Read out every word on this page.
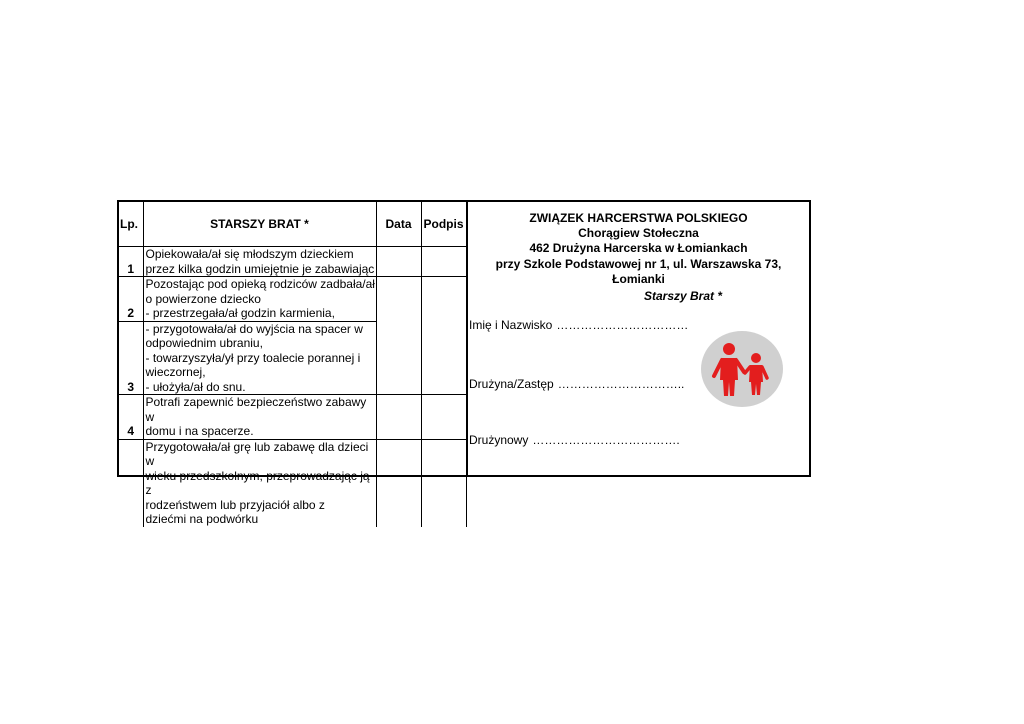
Lp.	STARSZY BRAT *	Data	Podpis
1	Opiekowała/ał się młodszym dzieckiem
przez kilka godzin umiejętnie je zabawiając		

2	Pozostając pod opieką rodziców zadbała/ał
o powierzone dziecko
- przestrzegała/ał godzin karmienia,		

3	- przygotowała/ał do wyjścia na spacer w
odpowiednim ubraniu,
- towarzyszyła/ył przy toalecie porannej i
wieczornej,
- ułożyła/ał do snu.		

4	Potrafi zapewnić bezpieczeństwo zabawy w
domu i na spacerze.		

	Przygotowała/ał grę lub zabawę dla dzieci w
wieku przedszkolnym, przeprowadzając ją z
rodzeństwem lub przyjaciół albo z
dziećmi na podwórku		

ZWIĄZEK HARCERSTWA POLSKIEGO
Chorągiew Stołeczna
462 Drużyna Harcerska w Łomiankach
przy Szkole Podstawowej nr 1, ul. Warszawska 73,
Łomianki
Starszy Brat *
Imię i Nazwisko ……………………………
Drużyna/Zastęp …………………………..
Drużynowy ……………………………….
